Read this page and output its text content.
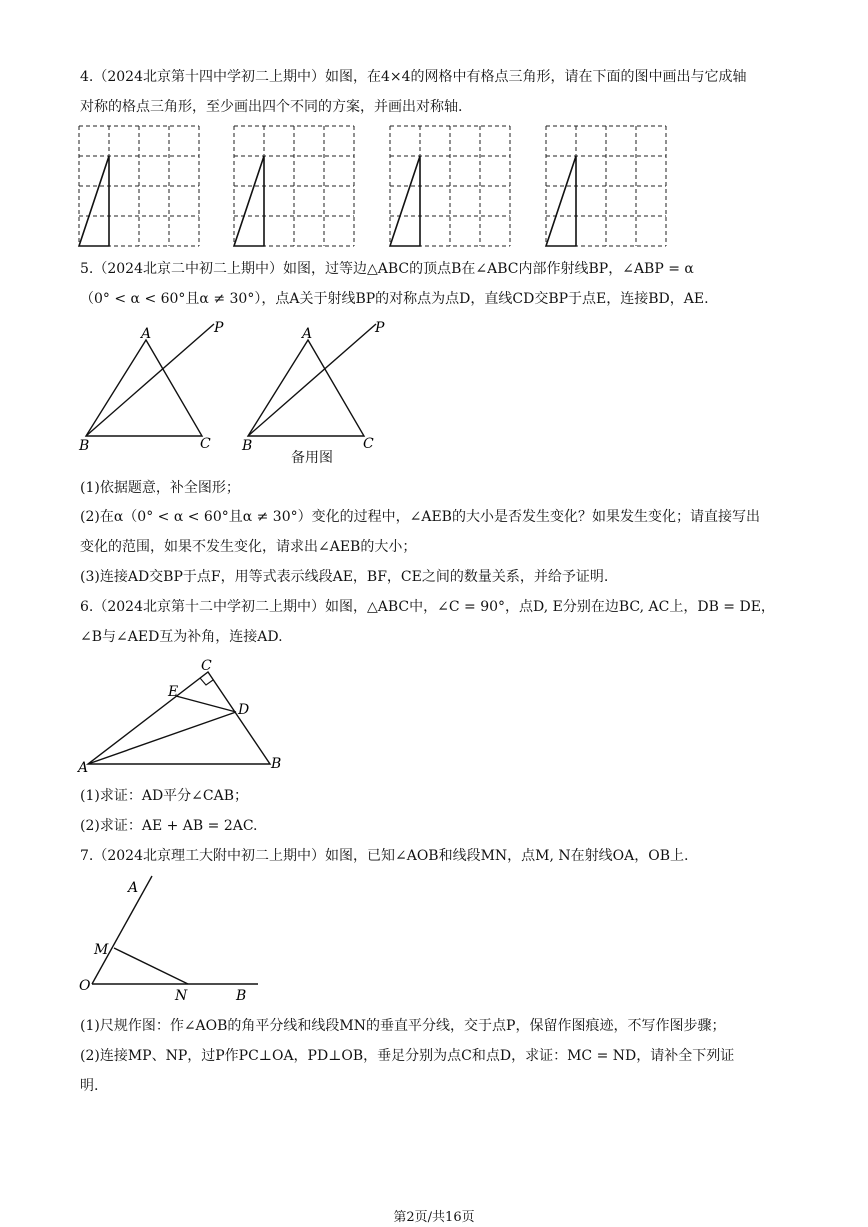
4.（2024北京第十四中学初二上期中）如图，在4×4的网格中有格点三角形，请在下面的图中画出与它成轴
对称的格点三角形，至少画出四个不同的方案，并画出对称轴.
5.（2024北京二中初二上期中）如图，过等边△ABC的顶点B在∠ABC内部作射线BP，∠ABP = α
（0° < α < 60°且α ≠ 30°），点A关于射线BP的对称点为点D，直线CD交BP于点E，连接BD，AE.
A
B	C
P	A
B	C
P
备用图
(1)依据题意，补全图形；
(2)在α（0° < α < 60°且α ≠ 30°）变化的过程中，∠AEB的大小是否发生变化？如果发生变化；请直接写出
变化的范围，如果不发生变化，请求出∠AEB的大小；
(3)连接AD交BP于点F，用等式表示线段AE，BF，CE之间的数量关系，并给予证明.
6.（2024北京第十二中学初二上期中）如图，△ABC中，∠C = 90°，点D, E分别在边BC, AC上，DB = DE，
∠B与∠AED互为补角，连接AD.
C
E
D
A	B
(1)求证：AD平分∠CAB；
(2)求证：AE + AB = 2AC.
7.（2024北京理工大附中初二上期中）如图，已知∠AOB和线段MN，点M, N在射线OA，OB上.
A
M
O
N	B
(1)尺规作图：作∠AOB的角平分线和线段MN的垂直平分线，交于点P，保留作图痕迹，不写作图步骤；
(2)连接MP、NP，过P作PC⊥OA，PD⊥OB，垂足分别为点C和点D，求证：MC = ND，请补全下列证
明.
第2页/共16页
